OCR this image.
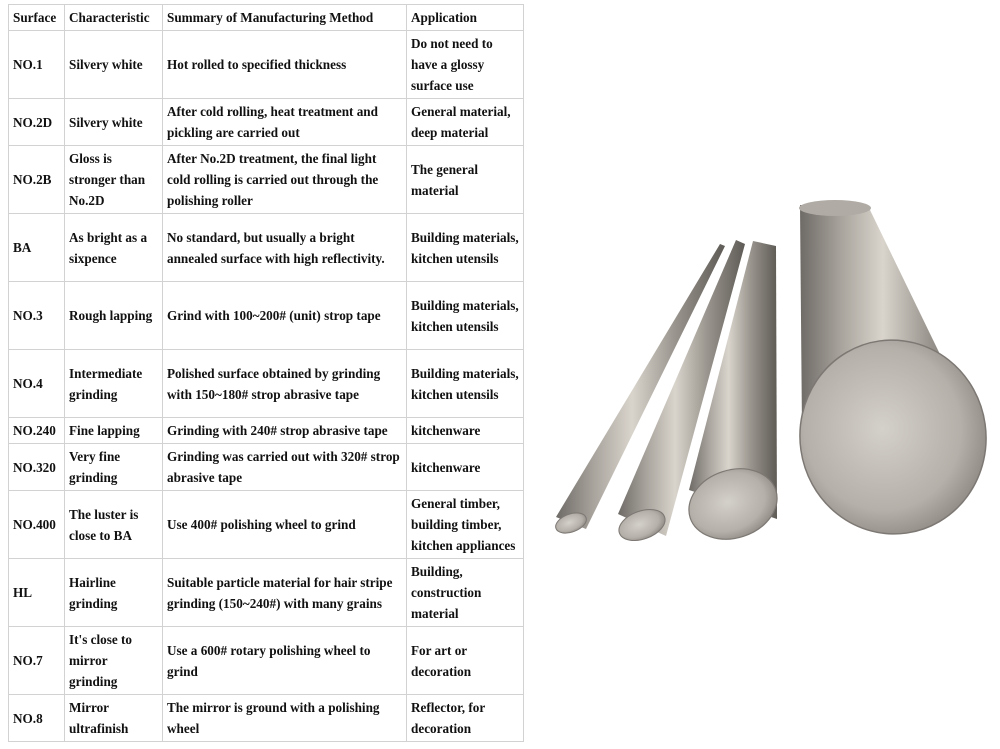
Surface	Characteristic	Summary of Manufacturing Method	Application
NO.1	Silvery white	Hot rolled to specified thickness	Do not need to have a glossy surface use
NO.2D	Silvery white	After cold rolling, heat treatment and pickling are carried out	General material, deep material
NO.2B	Gloss is stronger than No.2D	After No.2D treatment, the final light cold rolling is carried out through the polishing roller	The general material
BA	As bright as a sixpence	No standard, but usually a bright annealed surface with high reflectivity.	Building materials, kitchen utensils
NO.3	Rough lapping	Grind with 100~200# (unit) strop tape	Building materials, kitchen utensils
NO.4	Intermediate grinding	Polished surface obtained by grinding with 150~180# strop abrasive tape	Building materials, kitchen utensils
NO.240	Fine lapping	Grinding with 240# strop abrasive tape	kitchenware
NO.320	Very fine grinding	Grinding was carried out with 320# strop abrasive tape	kitchenware
NO.400	The luster is close to BA	Use 400# polishing wheel to grind	General timber, building timber, kitchen appliances
HL	Hairline grinding	Suitable particle material for hair stripe grinding (150~240#) with many grains	Building, construction material
NO.7	It's close to mirror grinding	Use a 600# rotary polishing wheel to grind	For art or decoration
NO.8	Mirror ultrafinish	The mirror is ground with a polishing wheel	Reflector, for decoration
